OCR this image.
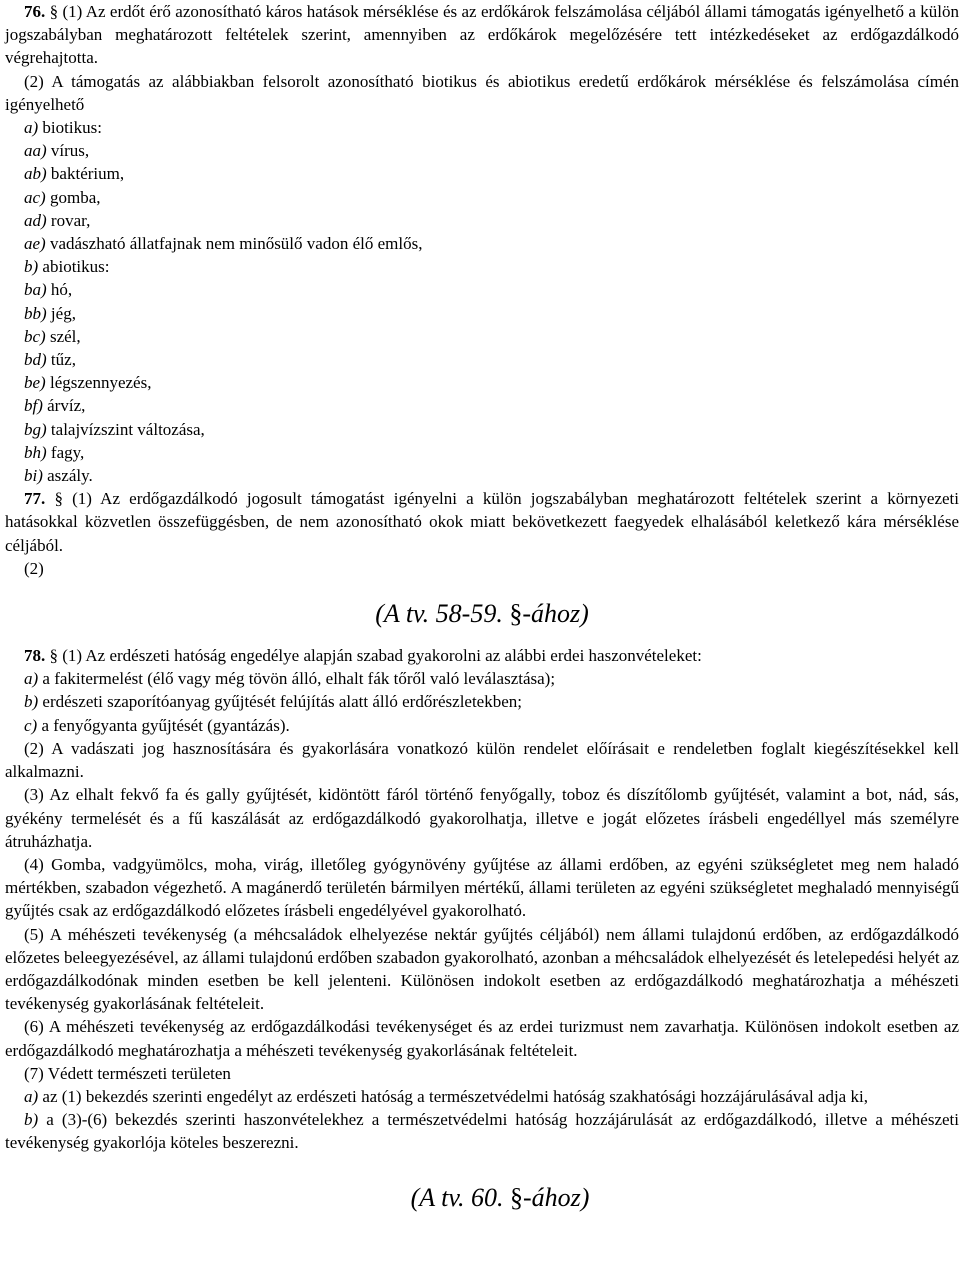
76. § (1) Az erdőt érő azonosítható káros hatások mérséklése és az erdőkárok felszámolása céljából állami támogatás igényelhető a külön jogszabályban meghatározott feltételek szerint, amennyiben az erdőkárok megelőzésére tett intézkedéseket az erdőgazdálkodó végrehajtotta.

(2) A támogatás az alábbiakban felsorolt azonosítható biotikus és abiotikus eredetű erdőkárok mérséklése és felszámolása címén igényelhető

a) biotikus:

aa) vírus,

ab) baktérium,

ac) gomba,

ad) rovar,

ae) vadászható állatfajnak nem minősülő vadon élő emlős,

b) abiotikus:

ba) hó,

bb) jég,

bc) szél,

bd) tűz,

be) légszennyezés,

bf) árvíz,

bg) talajvízszint változása,

bh) fagy,

bi) aszály.

77. § (1) Az erdőgazdálkodó jogosult támogatást igényelni a külön jogszabályban meghatározott feltételek szerint a környezeti hatásokkal közvetlen összefüggésben, de nem azonosítható okok miatt bekövetkezett faegyedek elhalásából keletkező kára mérséklése céljából.

(2)

(A tv. 58-59. §-ához)

78. § (1) Az erdészeti hatóság engedélye alapján szabad gyakorolni az alábbi erdei haszonvételeket:

a) a fakitermelést (élő vagy még tövön álló, elhalt fák tőről való leválasztása);

b) erdészeti szaporítóanyag gyűjtését felújítás alatt álló erdőrészletekben;

c) a fenyőgyanta gyűjtését (gyantázás).

(2) A vadászati jog hasznosítására és gyakorlására vonatkozó külön rendelet előírásait e rendeletben foglalt kiegészítésekkel kell alkalmazni.

(3) Az elhalt fekvő fa és gally gyűjtését, kidöntött fáról történő fenyőgally, toboz és díszítőlomb gyűjtését, valamint a bot, nád, sás, gyékény termelését és a fű kaszálását az erdőgazdálkodó gyakorolhatja, illetve e jogát előzetes írásbeli engedéllyel más személyre átruházhatja.

(4) Gomba, vadgyümölcs, moha, virág, illetőleg gyógynövény gyűjtése az állami erdőben, az egyéni szükségletet meg nem haladó mértékben, szabadon végezhető. A magánerdő területén bármilyen mértékű, állami területen az egyéni szükségletet meghaladó mennyiségű gyűjtés csak az erdőgazdálkodó előzetes írásbeli engedélyével gyakorolható.

(5) A méhészeti tevékenység (a méhcsaládok elhelyezése nektár gyűjtés céljából) nem állami tulajdonú erdőben, az erdőgazdálkodó előzetes beleegyezésével, az állami tulajdonú erdőben szabadon gyakorolható, azonban a méhcsaládok elhelyezését és letelepedési helyét az erdőgazdálkodónak minden esetben be kell jelenteni. Különösen indokolt esetben az erdőgazdálkodó meghatározhatja a méhészeti tevékenység gyakorlásának feltételeit.

(6) A méhészeti tevékenység az erdőgazdálkodási tevékenységet és az erdei turizmust nem zavarhatja. Különösen indokolt esetben az erdőgazdálkodó meghatározhatja a méhészeti tevékenység gyakorlásának feltételeit.

(7) Védett természeti területen

a) az (1) bekezdés szerinti engedélyt az erdészeti hatóság a természetvédelmi hatóság szakhatósági hozzájárulásával adja ki,

b) a (3)-(6) bekezdés szerinti haszonvételekhez a természetvédelmi hatóság hozzájárulását az erdőgazdálkodó, illetve a méhészeti tevékenység gyakorlója köteles beszerezni.

(A tv. 60. §-ához)
